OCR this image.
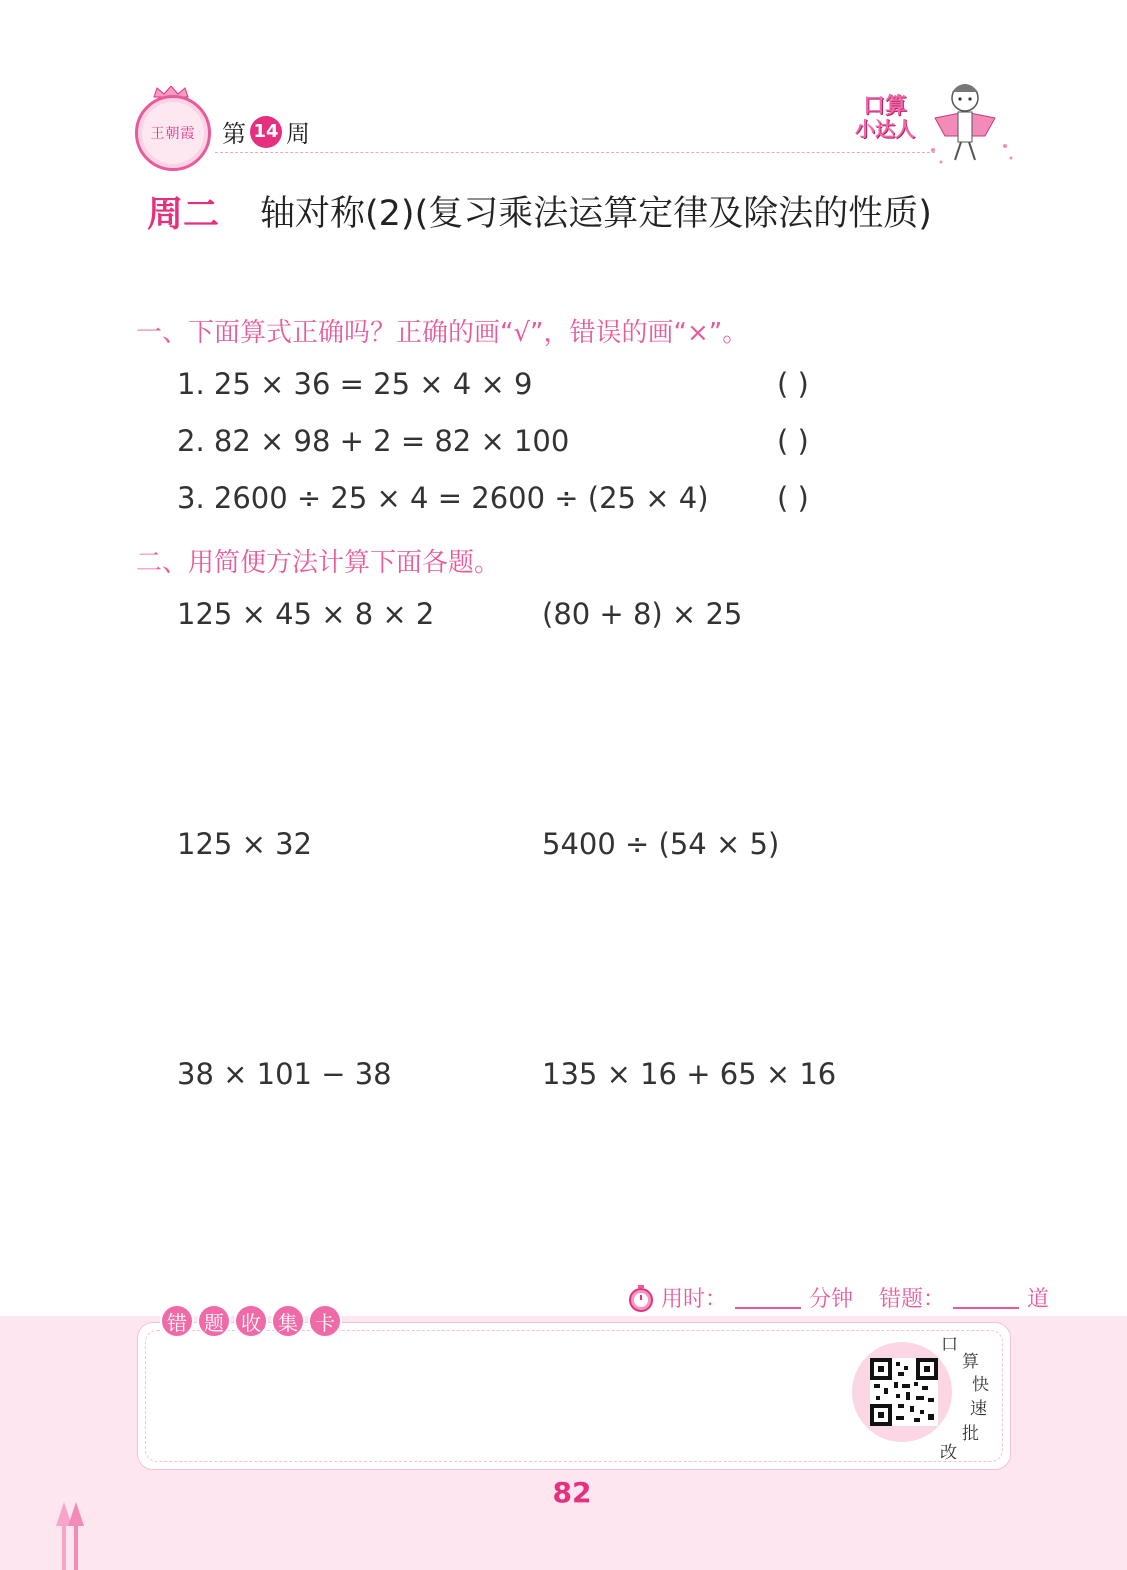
王朝霞 第 14 周
口算
小达人
周二 轴对称(2)(复习乘法运算定律及除法的性质)
一、下面算式正确吗？正确的画“√”，错误的画“×”。
1. 25 × 36 = 25 × 4 × 9	( )
2. 82 × 98 + 2 = 82 × 100	( )
3. 2600 ÷ 25 × 4 = 2600 ÷ (25 × 4) ( )
二、用简便方法计算下面各题。
125 × 45 × 8 × 2	(80 + 8) × 25
125 × 32	5400 ÷ (54 × 5)
38 × 101 − 38	135 × 16 + 65 × 16
用时：	分钟 错题：	道
错 题 收 集 卡
口
算
快
速
批
改
82
